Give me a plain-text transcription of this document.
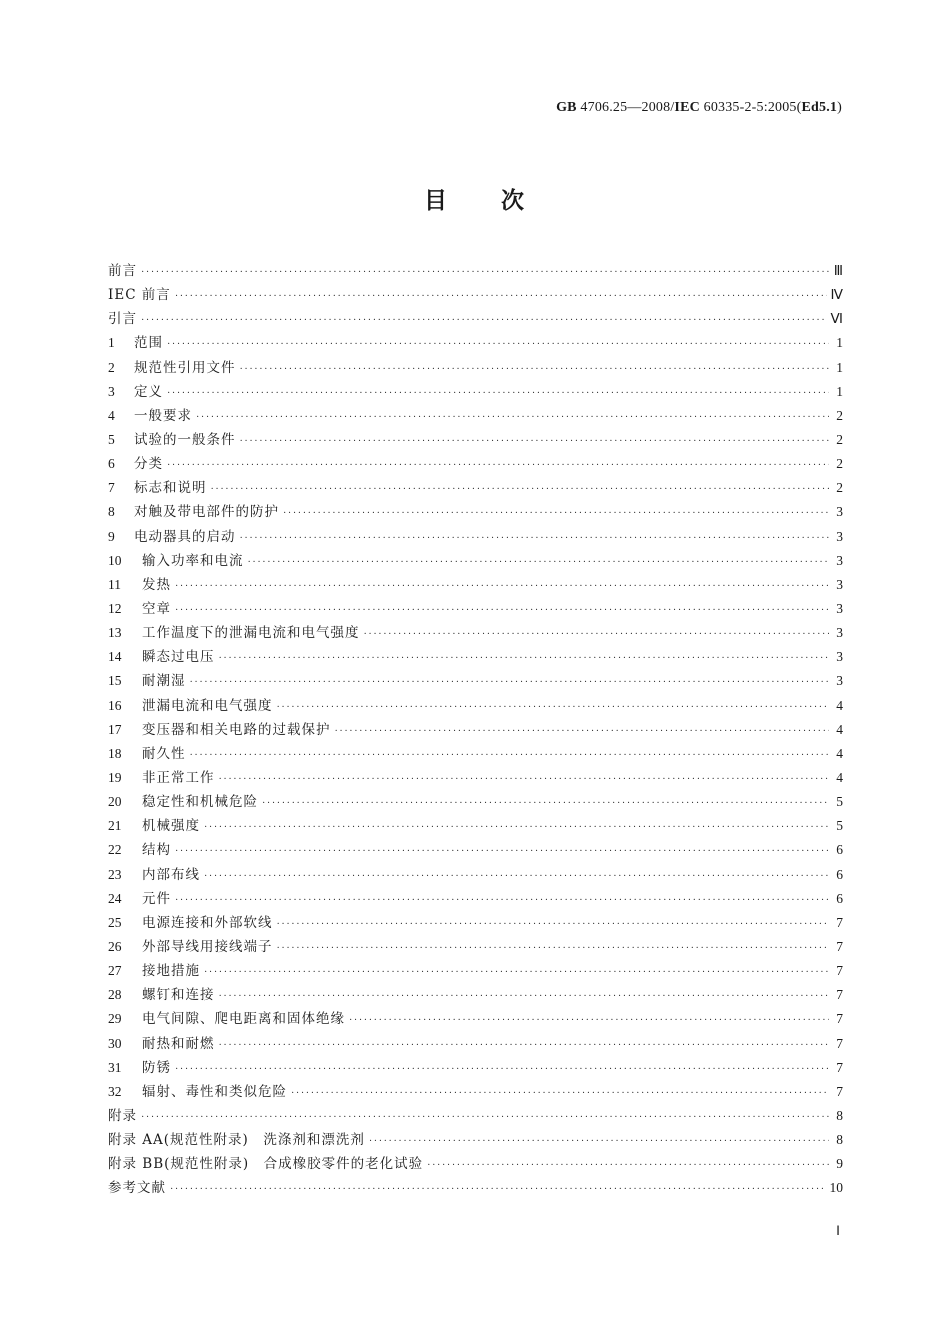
GB 4706.25—2008/IEC 60335-2-5:2005(Ed5.1)
目 次
前言 ·····	Ⅲ
IEC 前言 ·····	Ⅳ
引言 ·····	Ⅵ
1	范围 ·····	1
2	规范性引用文件 ·····	1
3	定义 ·····	1
4	一般要求 ·····	2
5	试验的一般条件 ·····	2
6	分类 ·····	2
7	标志和说明 ·····	2
8	对触及带电部件的防护 ·····	3
9	电动器具的启动 ·····	3
10	输入功率和电流 ·····	3
11	发热 ·····	3
12	空章 ·····	3
13	工作温度下的泄漏电流和电气强度 ·····	3
14	瞬态过电压 ·····	3
15	耐潮湿 ·····	3
16	泄漏电流和电气强度 ·····	4
17	变压器和相关电路的过载保护 ·····	4
18	耐久性 ·····	4
19	非正常工作 ·····	4
20	稳定性和机械危险 ·····	5
21	机械强度 ·····	5
22	结构 ·····	6
23	内部布线 ·····	6
24	元件 ·····	6
25	电源连接和外部软线 ·····	7
26	外部导线用接线端子 ·····	7
27	接地措施 ·····	7
28	螺钉和连接 ·····	7
29	电气间隙、爬电距离和固体绝缘 ·····	7
30	耐热和耐燃 ·····	7
31	防锈 ·····	7
32	辐射、毒性和类似危险 ·····	7
附录 ·····	8
附录 AA(规范性附录)　洗涤剂和漂洗剂 ·····	8
附录 BB(规范性附录)　合成橡胶零件的老化试验 ·····	9
参考文献 ·····	10
Ⅰ
